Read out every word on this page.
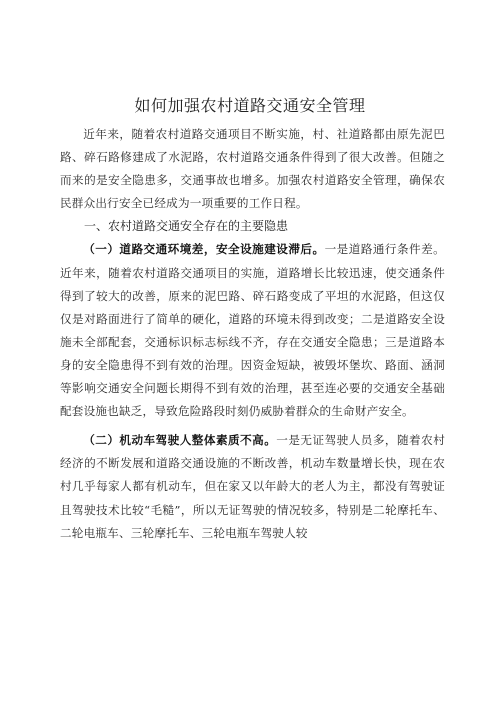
如何加强农村道路交通安全管理

近年来，随着农村道路交通项目不断实施，村、社道路都由原先泥巴路、碎石路修建成了水泥路，农村道路交通条件得到了很大改善。但随之而来的是安全隐患多，交通事故也增多。加强农村道路安全管理，确保农民群众出行安全已经成为一项重要的工作日程。

一、农村道路交通安全存在的主要隐患

（一）道路交通环境差，安全设施建设滞后。一是道路通行条件差。近年来，随着农村道路交通项目的实施，道路增长比较迅速，使交通条件得到了较大的改善，原来的泥巴路、碎石路变成了平坦的水泥路，但这仅仅是对路面进行了简单的硬化，道路的环境未得到改变；二是道路安全设施未全部配套，交通标识标志标线不齐，存在交通安全隐患；三是道路本身的安全隐患得不到有效的治理。因资金短缺，被毁坏堡坎、路面、涵洞等影响交通安全问题长期得不到有效的治理，甚至连必要的交通安全基础配套设施也缺乏，导致危险路段时刻仍威胁着群众的生命财产安全。

（二）机动车驾驶人整体素质不高。一是无证驾驶人员多，随着农村经济的不断发展和道路交通设施的不断改善，机动车数量增长快，现在农村几乎每家人都有机动车，但在家又以年龄大的老人为主，都没有驾驶证且驾驶技术比较“毛糙”，所以无证驾驶的情况较多，特别是二轮摩托车、二轮电瓶车、三轮摩托车、三轮电瓶车驾驶人较
